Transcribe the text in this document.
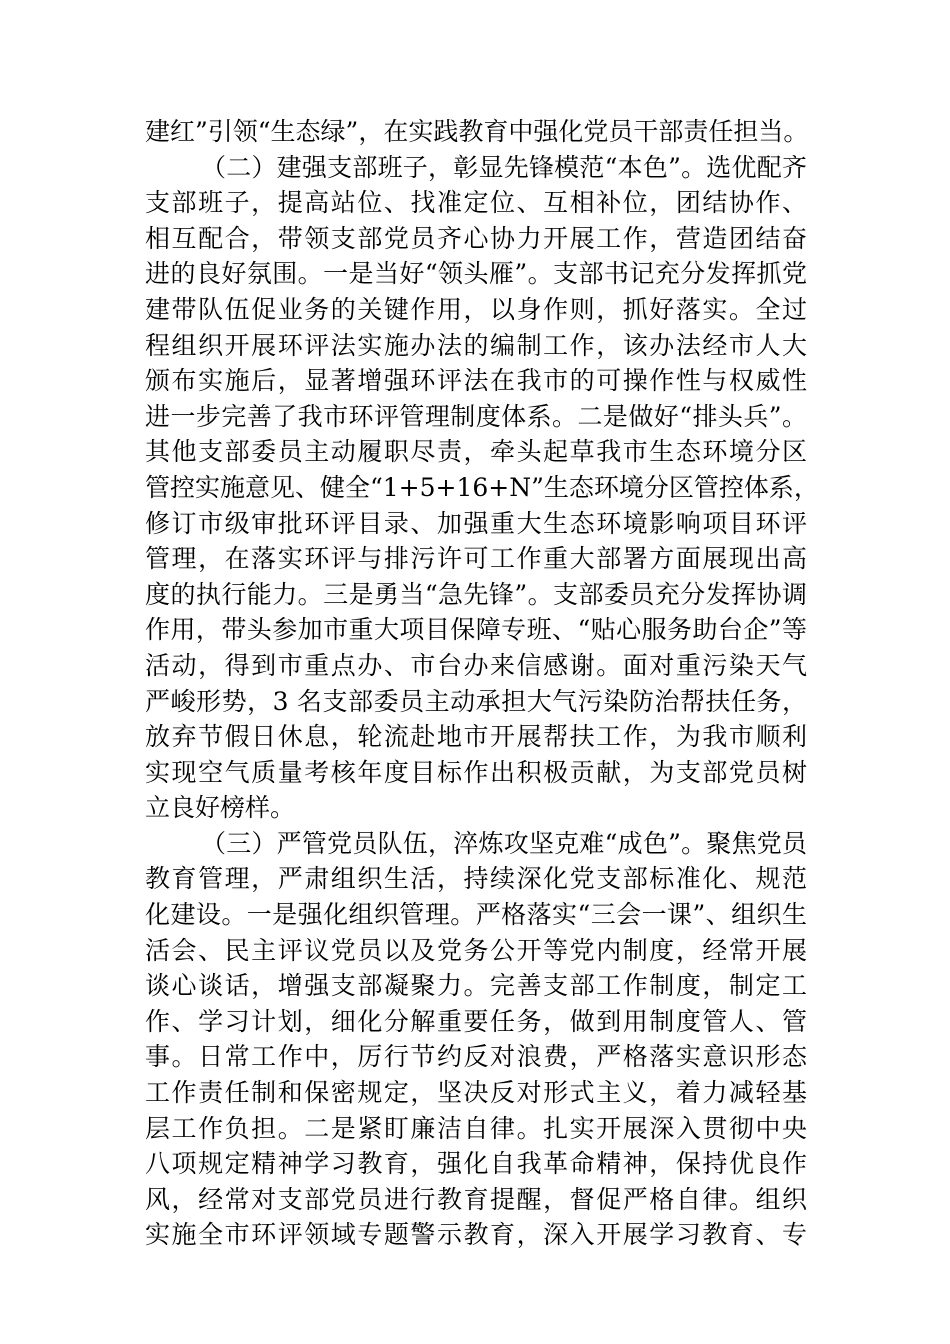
建红”引领“生态绿”，在实践教育中强化党员干部责任担当。
（二）建强支部班子，彰显先锋模范“本色”。选优配齐
支部班子，提高站位、找准定位、互相补位，团结协作、
相互配合，带领支部党员齐心协力开展工作，营造团结奋
进的良好氛围。一是当好“领头雁”。支部书记充分发挥抓党
建带队伍促业务的关键作用，以身作则，抓好落实。全过
程组织开展环评法实施办法的编制工作，该办法经市人大
颁布实施后，显著增强环评法在我市的可操作性与权威性
进一步完善了我市环评管理制度体系。二是做好“排头兵”。
其他支部委员主动履职尽责，牵头起草我市生态环境分区
管控实施意见、健全“1+5+16+N”生态环境分区管控体系，
修订市级审批环评目录、加强重大生态环境影响项目环评
管理，在落实环评与排污许可工作重大部署方面展现出高
度的执行能力。三是勇当“急先锋”。支部委员充分发挥协调
作用，带头参加市重大项目保障专班、“贴心服务助台企”等
活动，得到市重点办、市台办来信感谢。面对重污染天气
严峻形势，3 名支部委员主动承担大气污染防治帮扶任务，
放弃节假日休息，轮流赴地市开展帮扶工作，为我市顺利
实现空气质量考核年度目标作出积极贡献，为支部党员树
立良好榜样。
（三）严管党员队伍，淬炼攻坚克难“成色”。聚焦党员
教育管理，严肃组织生活，持续深化党支部标准化、规范
化建设。一是强化组织管理。严格落实“三会一课”、组织生
活会、民主评议党员以及党务公开等党内制度，经常开展
谈心谈话，增强支部凝聚力。完善支部工作制度，制定工
作、学习计划，细化分解重要任务，做到用制度管人、管
事。日常工作中，厉行节约反对浪费，严格落实意识形态
工作责任制和保密规定，坚决反对形式主义，着力减轻基
层工作负担。二是紧盯廉洁自律。扎实开展深入贯彻中央
八项规定精神学习教育，强化自我革命精神，保持优良作
风，经常对支部党员进行教育提醒，督促严格自律。组织
实施全市环评领域专题警示教育，深入开展学习教育、专
